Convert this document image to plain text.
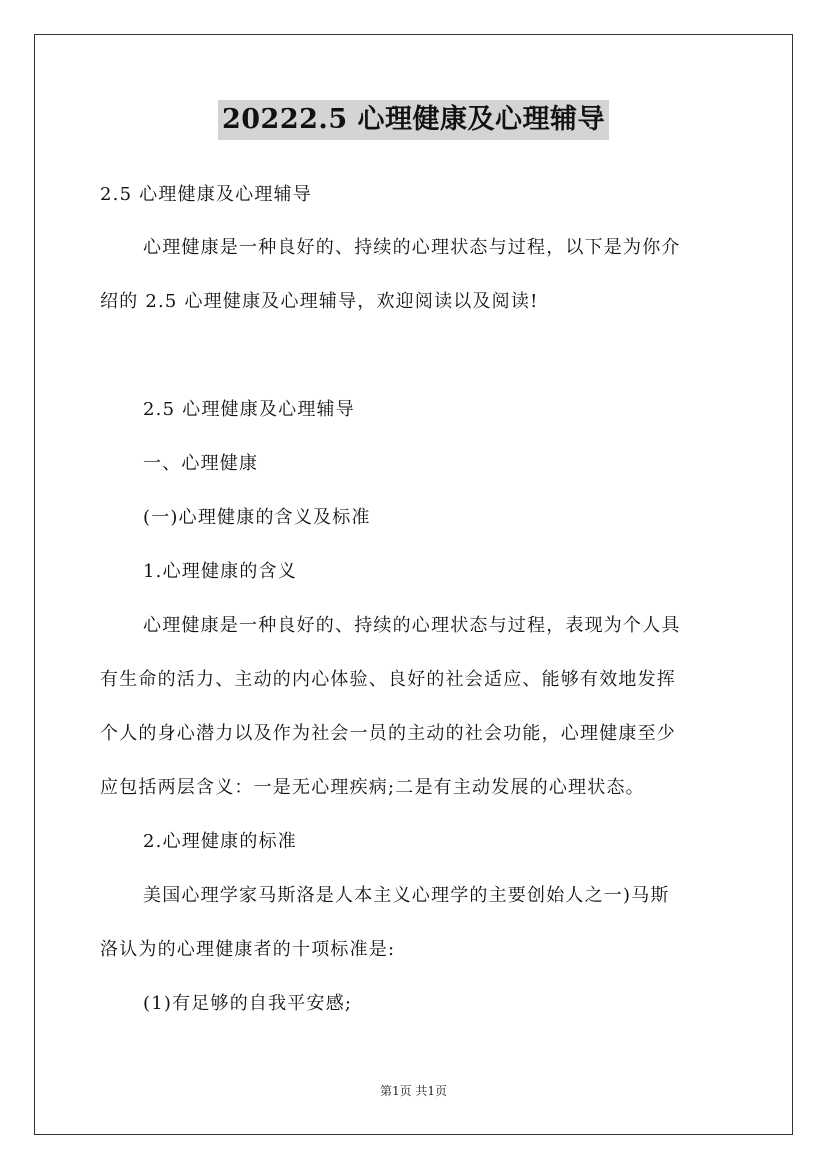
20222.5 心理健康及心理辅导
2.5 心理健康及心理辅导
心理健康是一种良好的、持续的心理状态与过程，以下是为你介
绍的 2.5 心理健康及心理辅导，欢迎阅读以及阅读!
2.5 心理健康及心理辅导
一、心理健康
(一)心理健康的含义及标准
1.心理健康的含义
心理健康是一种良好的、持续的心理状态与过程，表现为个人具
有生命的活力、主动的内心体验、良好的社会适应、能够有效地发挥
个人的身心潜力以及作为社会一员的主动的社会功能，心理健康至少
应包括两层含义：一是无心理疾病;二是有主动发展的心理状态。
2.心理健康的标准
美国心理学家马斯洛是人本主义心理学的主要创始人之一)马斯
洛认为的心理健康者的十项标准是:
(1)有足够的自我平安感;
第1页 共1页
